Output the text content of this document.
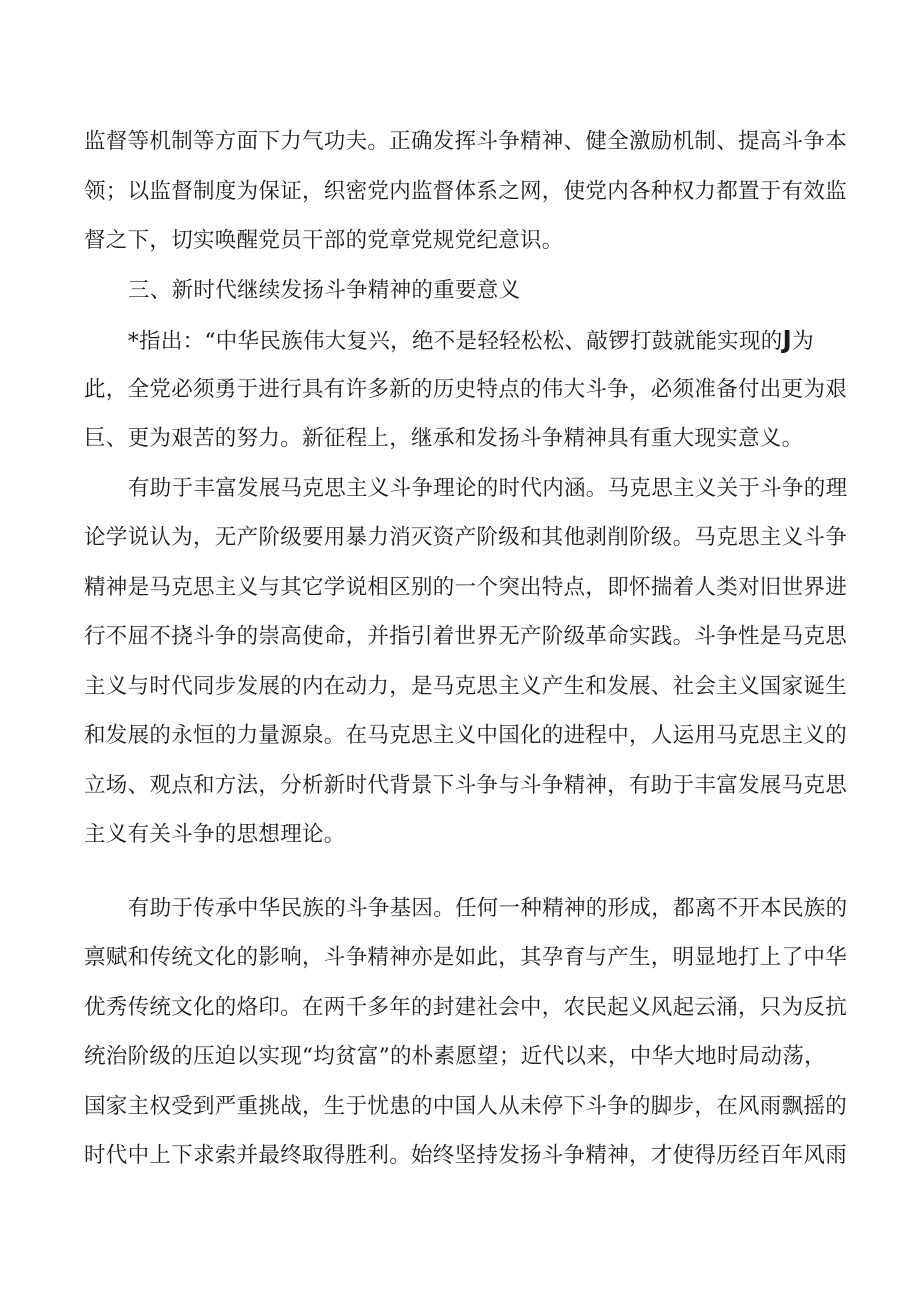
监督等机制等方面下力气功夫。正确发挥斗争精神、健全激励机制、提高斗争本
领；以监督制度为保证，织密党内监督体系之网，使党内各种权力都置于有效监
督之下，切实唤醒党员干部的党章党规党纪意识。
三、新时代继续发扬斗争精神的重要意义
*指出：“中华民族伟大复兴，绝不是轻轻松松、敲锣打鼓就能实现的J为
此，全党必须勇于进行具有许多新的历史特点的伟大斗争，必须准备付出更为艰
巨、更为艰苦的努力。新征程上，继承和发扬斗争精神具有重大现实意义。
有助于丰富发展马克思主义斗争理论的时代内涵。马克思主义关于斗争的理
论学说认为，无产阶级要用暴力消灭资产阶级和其他剥削阶级。马克思主义斗争
精神是马克思主义与其它学说相区别的一个突出特点，即怀揣着人类对旧世界进
行不屈不挠斗争的崇高使命，并指引着世界无产阶级革命实践。斗争性是马克思
主义与时代同步发展的内在动力，是马克思主义产生和发展、社会主义国家诞生
和发展的永恒的力量源泉。在马克思主义中国化的进程中，人运用马克思主义的
立场、观点和方法，分析新时代背景下斗争与斗争精神，有助于丰富发展马克思
主义有关斗争的思想理论。
有助于传承中华民族的斗争基因。任何一种精神的形成，都离不开本民族的
禀赋和传统文化的影响，斗争精神亦是如此，其孕育与产生，明显地打上了中华
优秀传统文化的烙印。在两千多年的封建社会中，农民起义风起云涌，只为反抗
统治阶级的压迫以实现“均贫富”的朴素愿望；近代以来，中华大地时局动荡，
国家主权受到严重挑战，生于忧患的中国人从未停下斗争的脚步，在风雨飘摇的
时代中上下求索并最终取得胜利。始终坚持发扬斗争精神，才使得历经百年风雨
